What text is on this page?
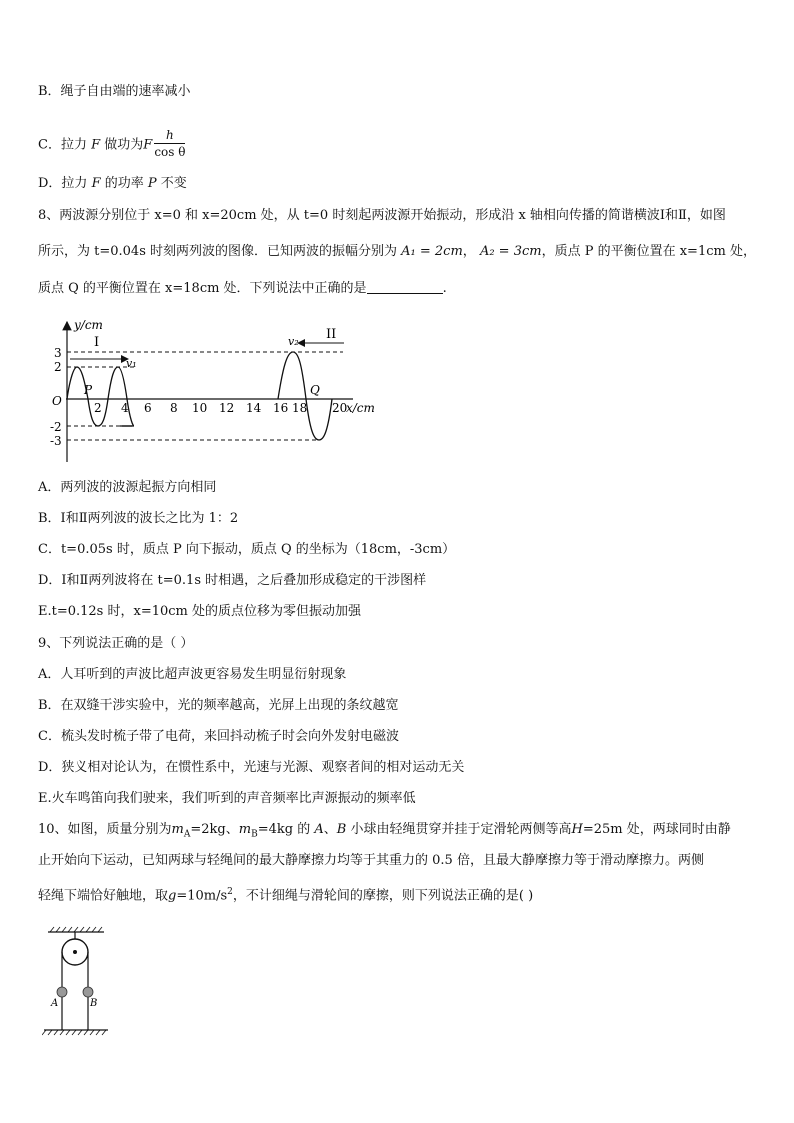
B．绳子自由端的速率减小
C．拉力 F 做功为F $\frac{h}{\text{cos θ}}$
D．拉力 F 的功率 P 不变
8、两波源分别位于 x=0 和 x=20cm 处，从 t=0 时刻起两波源开始振动，形成沿 x 轴相向传播的简谐横波Ⅰ和Ⅱ，如图
所示，为 t=0.04s 时刻两列波的图像．已知两波的振幅分别为 A₁ = 2cm， A₂ = 3cm，质点 P 的平衡位置在 x=1cm 处，
质点 Q 的平衡位置在 x=18cm 处．下列说法中正确的是	.
y/cm
O
3
2
-2
-3
2 4 6 8 10 12 14 16 18 20
x/cm
v₁
I
P
v₂ II
Q
A．两列波的波源起振方向相同
B．Ⅰ和Ⅱ两列波的波长之比为 1：2
C．t=0.05s 时，质点 P 向下振动，质点 Q 的坐标为（18cm，-3cm）
D．Ⅰ和Ⅱ两列波将在 t=0.1s 时相遇，之后叠加形成稳定的干涉图样
E.t=0.12s 时，x=10cm 处的质点位移为零但振动加强
9、下列说法正确的是（ ）
A．人耳听到的声波比超声波更容易发生明显衍射现象
B．在双缝干涉实验中，光的频率越高，光屏上出现的条纹越宽
C．梳头发时梳子带了电荷，来回抖动梳子时会向外发射电磁波
D．狭义相对论认为，在惯性系中，光速与光源、观察者间的相对运动无关
E.火车鸣笛向我们驶来，我们听到的声音频率比声源振动的频率低
10、如图，质量分别为$m_A=2kg$、$m_B=4kg$ 的 A、B 小球由轻绳贯穿并挂于定滑轮两侧等高H=25m 处，两球同时由静
止开始向下运动，已知两球与轻绳间的最大静摩擦力均等于其重力的 0.5 倍，且最大静摩擦力等于滑动摩擦力。两侧
轻绳下端恰好触地，取$g=10m/s^2$，不计细绳与滑轮间的摩擦，则下列说法正确的是( )
A	B
